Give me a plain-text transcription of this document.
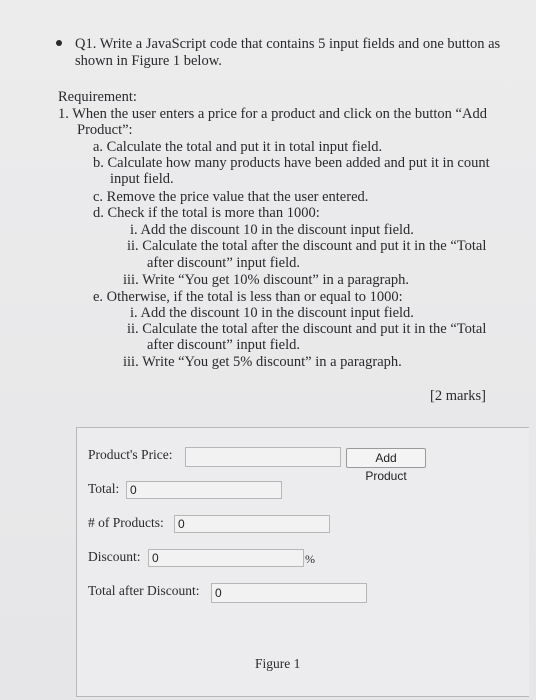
Q1. Write a JavaScript code that contains 5 input fields and one button as
shown in Figure 1 below.
Requirement:
1. When the user enters a price for a product and click on the button “Add
Product”:
a. Calculate the total and put it in total input field.
b. Calculate how many products have been added and put it in count
input field.
c. Remove the price value that the user entered.
d. Check if the total is more than 1000:
i. Add the discount 10 in the discount input field.
ii. Calculate the total after the discount and put it in the “Total
after discount” input field.
iii. Write “You get 10% discount” in a paragraph.
e. Otherwise, if the total is less than or equal to 1000:
i. Add the discount 10 in the discount input field.
ii. Calculate the total after the discount and put it in the “Total
after discount” input field.
iii. Write “You get 5% discount” in a paragraph.
[2 marks]
Product's Price:	Add Product
Total:
0
# of Products:
0
Discount:
0	%
Total after Discount:
0
Figure 1
